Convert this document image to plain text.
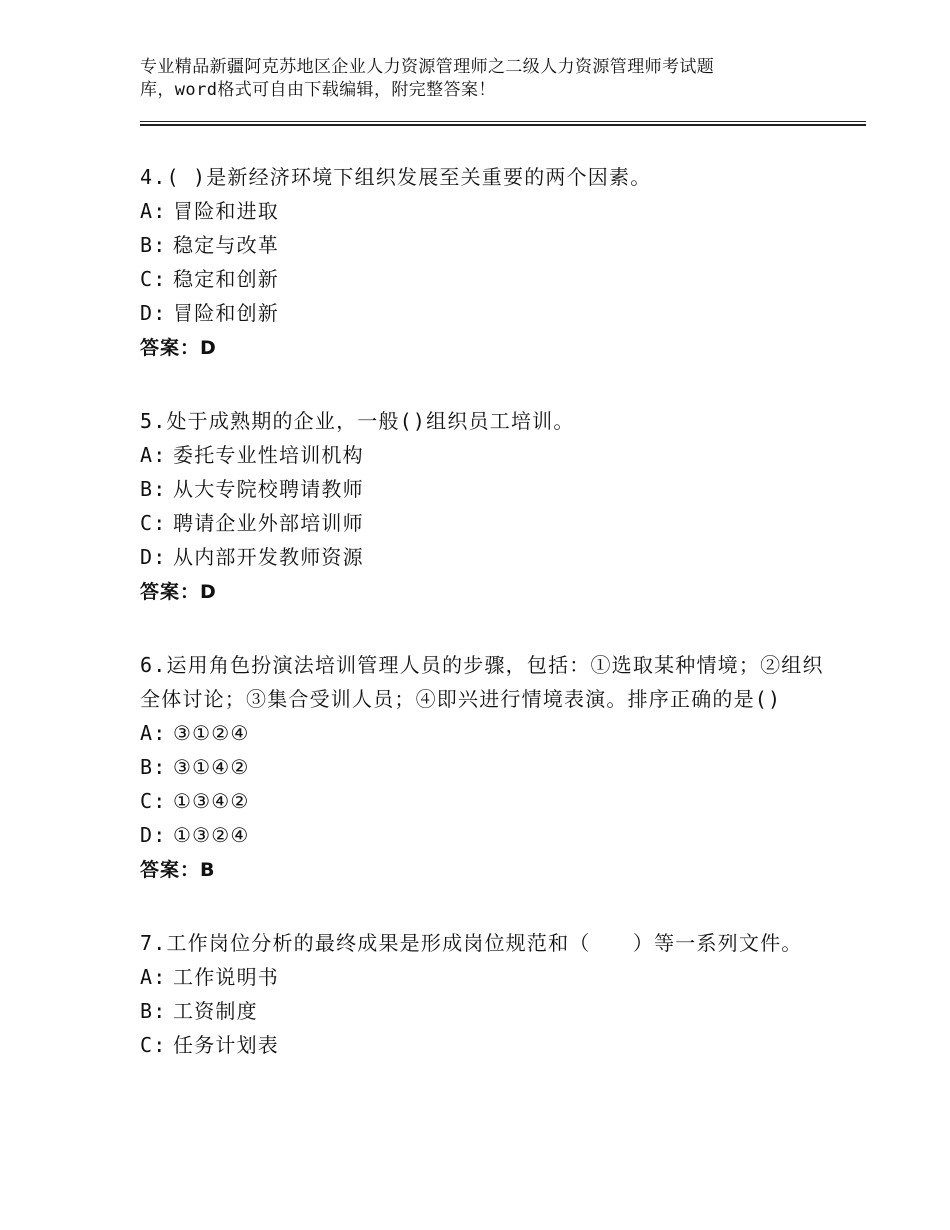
专业精品新疆阿克苏地区企业人力资源管理师之二级人力资源管理师考试题
库，word格式可自由下载编辑，附完整答案！

4.( )是新经济环境下组织发展至关重要的两个因素。

A: 冒险和进取

B: 稳定与改革

C: 稳定和创新

D: 冒险和创新

答案：D

5.处于成熟期的企业，一般()组织员工培训。

A: 委托专业性培训机构

B: 从大专院校聘请教师

C: 聘请企业外部培训师

D: 从内部开发教师资源

答案：D

6.运用角色扮演法培训管理人员的步骤，包括：①选取某种情境；②组织全体讨论；③集合受训人员；④即兴进行情境表演。排序正确的是()

A: ③①②④

B: ③①④②

C: ①③④②

D: ①③②④

答案：B

7.工作岗位分析的最终成果是形成岗位规范和（　　）等一系列文件。

A: 工作说明书

B: 工资制度

C: 任务计划表
